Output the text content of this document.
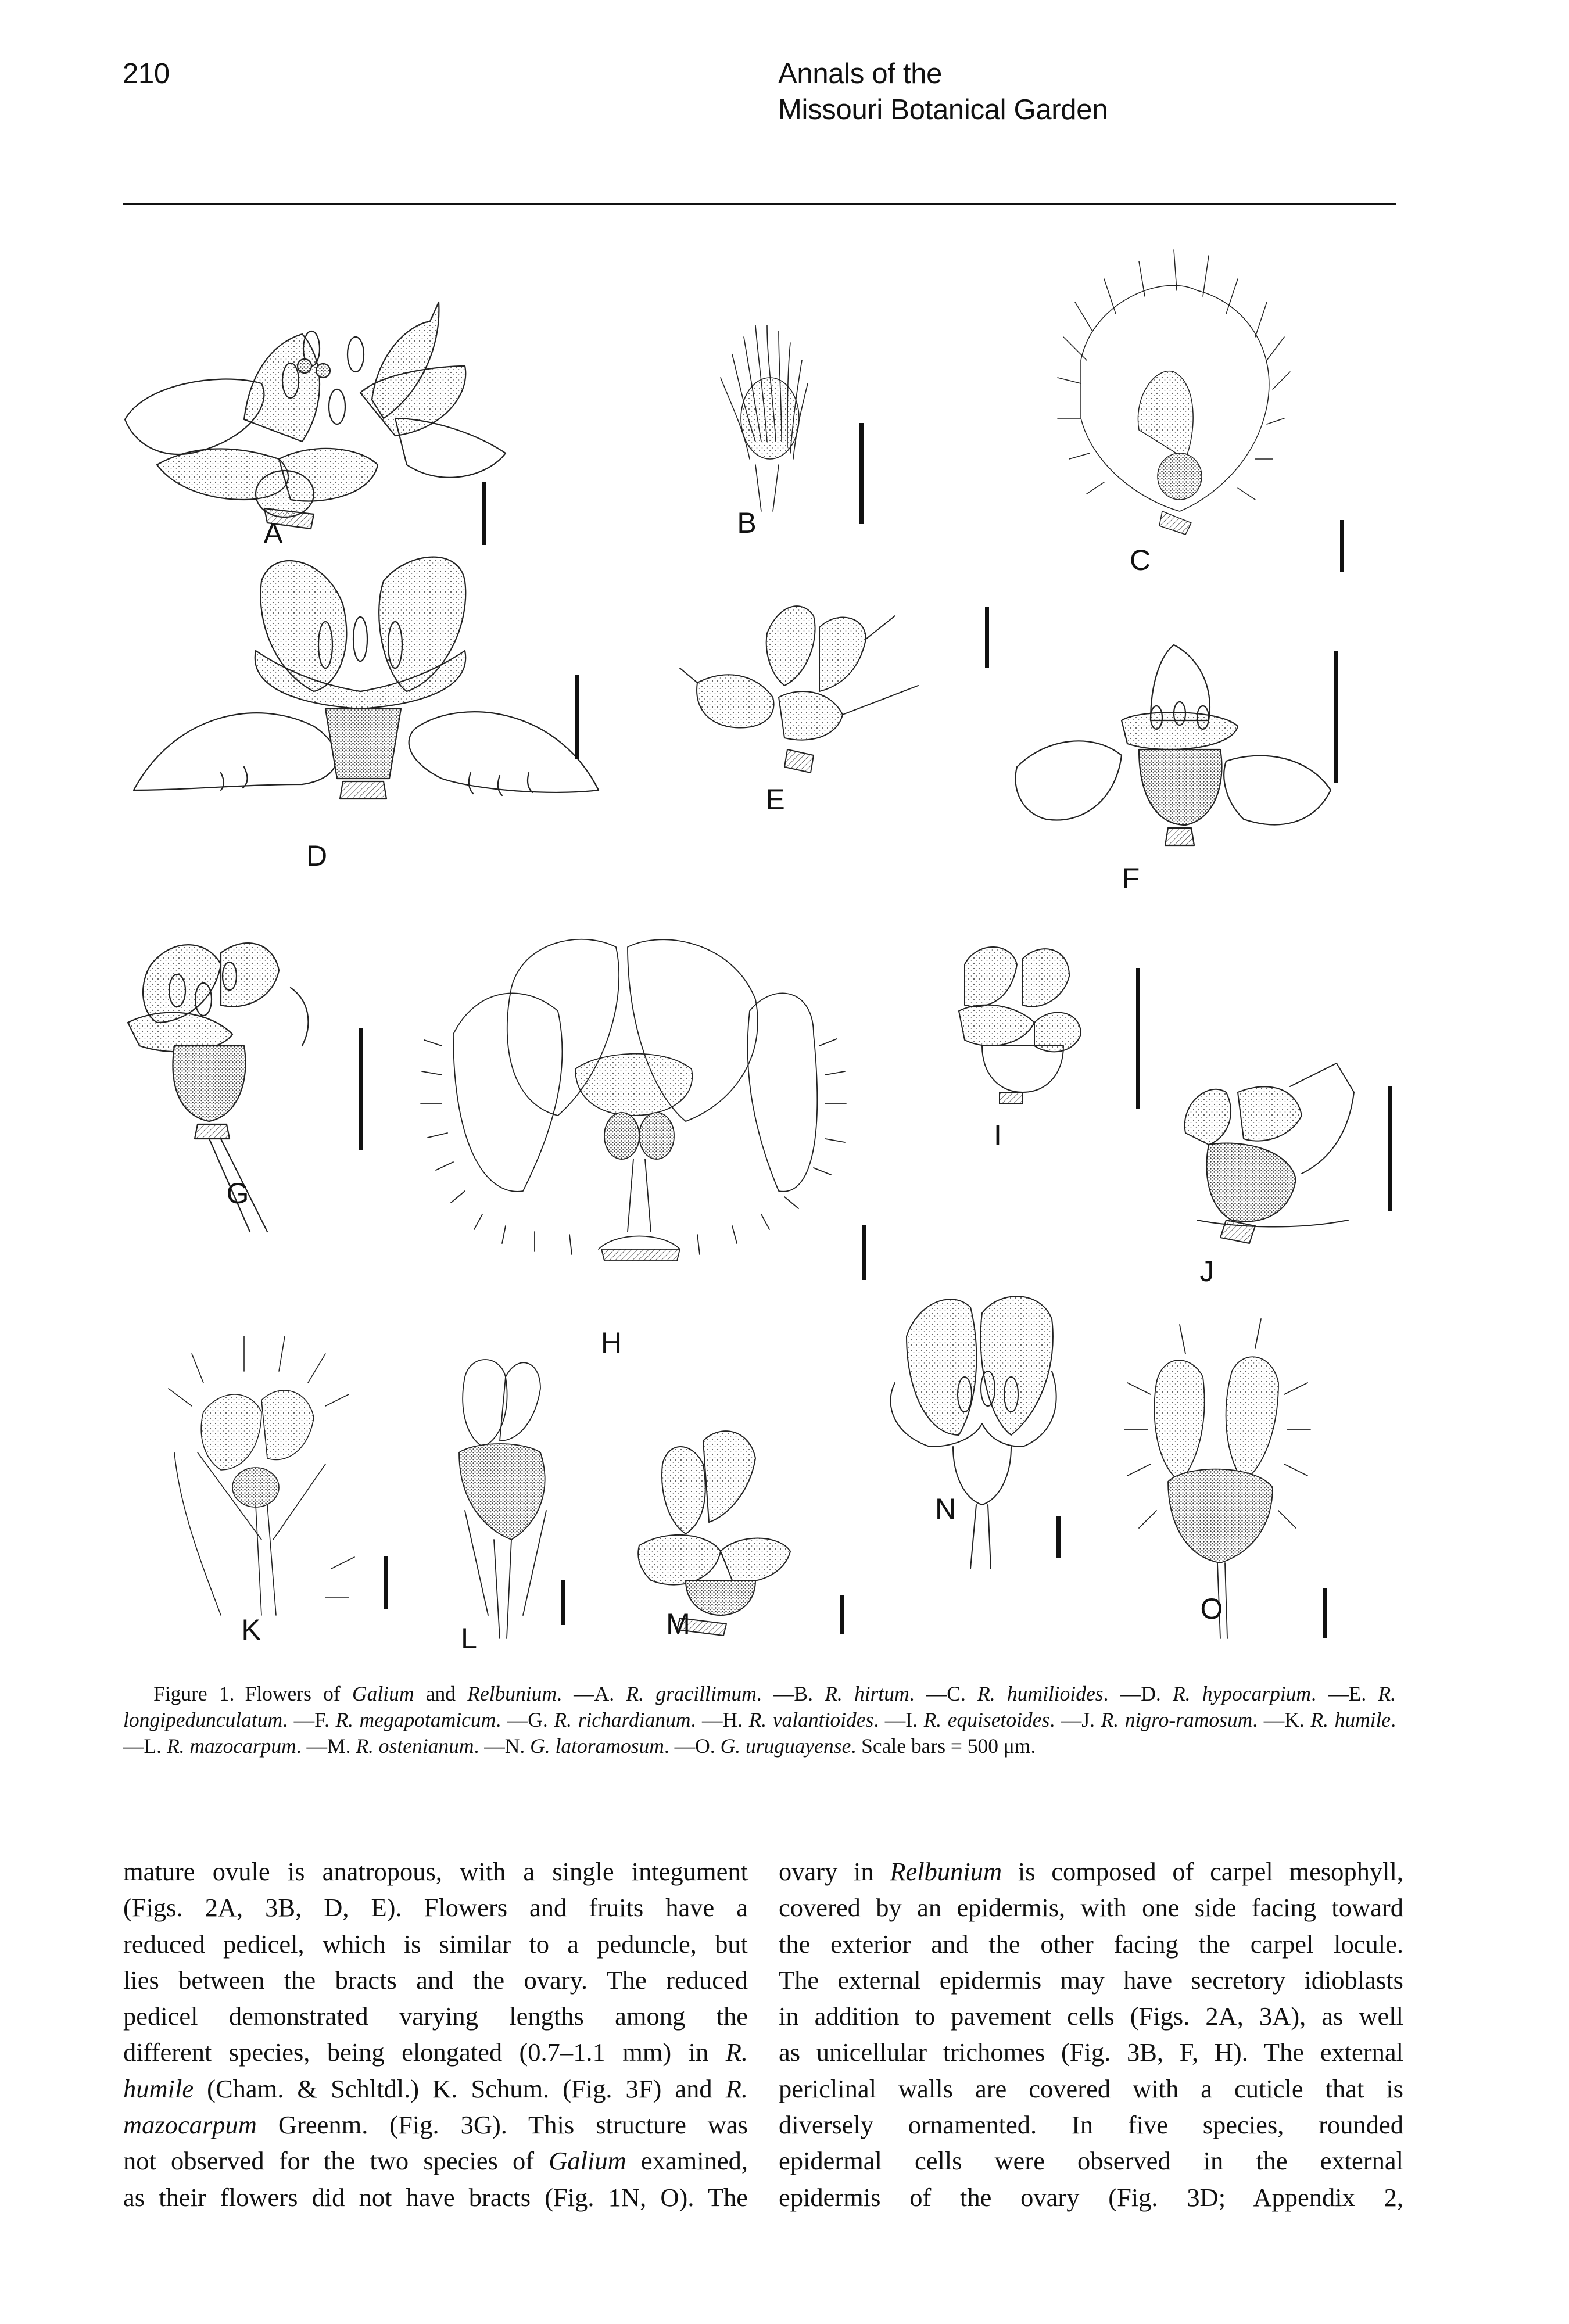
210	Annals of the
Missouri Botanical Garden
A	B
C
D
E
F
G
H
I
J
K	L	M
N
O
Figure 1. Flowers of Galium and Relbunium. —A. R. gracillimum. —B. R. hirtum. —C. R. humilioides. —D. R. hypocarpium. —E. R. longipedunculatum. —F. R. megapotamicum. —G. R. richardianum. —H. R. valantioides. —I. R. equisetoides. —J. R. nigro-ramosum. —K. R. humile. —L. R. mazocarpum. —M. R. ostenianum. —N. G. latoramosum. —O. G. uruguayense. Scale bars = 500 μm.
mature ovule is anatropous, with a single integument
(Figs. 2A, 3B, D, E). Flowers and fruits have a
reduced pedicel, which is similar to a peduncle, but
lies between the bracts and the ovary. The reduced
pedicel demonstrated varying lengths among the
different species, being elongated (0.7–1.1 mm) in R.
humile (Cham. & Schltdl.) K. Schum. (Fig. 3F) and R.
mazocarpum Greenm. (Fig. 3G). This structure was
not observed for the two species of Galium examined,
as their flowers did not have bracts (Fig. 1N, O). The
ovary in Relbunium is composed of carpel mesophyll,
covered by an epidermis, with one side facing toward
the exterior and the other facing the carpel locule.
The external epidermis may have secretory idioblasts
in addition to pavement cells (Figs. 2A, 3A), as well
as unicellular trichomes (Fig. 3B, F, H). The external
periclinal walls are covered with a cuticle that is
diversely ornamented. In five species, rounded
epidermal cells were observed in the external
epidermis of the ovary (Fig. 3D; Appendix 2,
